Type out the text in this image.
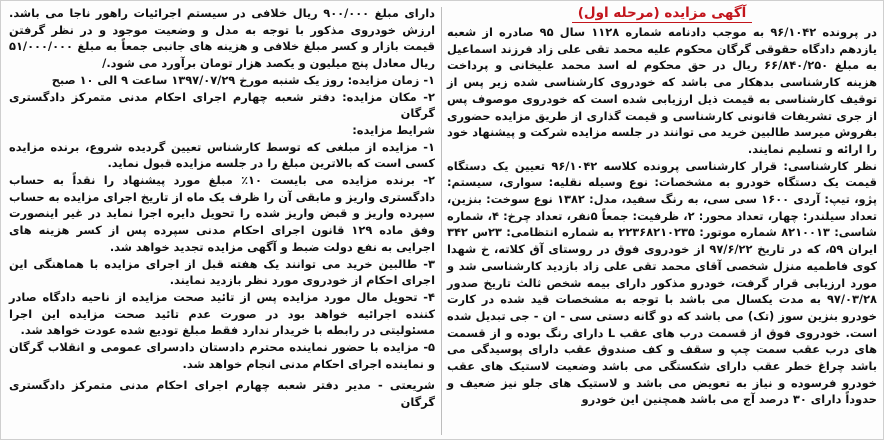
آگهی مزایده (مرحله اول)

در پرونده ۹۶/۱۰۴۲ به موجب دادنامه شماره ۱۱۲۸ سال ۹۵ صادره از شعبه یازدهم دادگاه حقوقی گرگان محکوم علیه محمد تقی علی زاد فرزند اسماعیل به مبلغ ۶۶/۸۴۰/۲۵۰ ریال در حق محکوم له اسد محمد علیخانی و پرداخت هزینه کارشناسی بدهکار می باشد که خودروی کارشناسی شده زیر پس از توقیف کارشناسی به قیمت ذیل ارزیابی شده است که خودروی موصوف پس از جری تشریفات قانونی کارشناسی و قیمت گذاری از طریق مزایده حضوری بفروش میرسد طالبین خرید می توانند در جلسه مزایده شرکت و پیشنهاد خود را ارائه و تسلیم نمایند.

نظر کارشناسی: قرار کارشناسی پرونده کلاسه ۹۶/۱۰۴۲ تعیین یک دستگاه قیمت یک دستگاه خودرو به مشخصات: نوع وسیله نقلیه: سواری، سیستم: پژو، تیپ: آردی ۱۶۰۰ سی سی، به رنگ سفید، مدل: ۱۳۸۲ نوع سوخت: بنزین، تعداد سیلندر: چهار، تعداد محور: ۲، ظرفیت: جمعاً ۵نفر، تعداد چرخ: ۴، شماره شاسی: ۸۲۱۰۰۱۳ شماره موتور: ۲۲۳۶۸۲۱۰۲۳۵ به شماره انتظامی: ۲۳س ۳۴۲ ایران ۵۹، که در تاریخ ۹۷/۶/۲۲ از خودروی فوق در روستای آق کلاته، خ شهدا کوی فاطمیه منزل شخصی آقای محمد تقی علی زاد بازدید کارشناسی شد و مورد ارزیابی قرار گرفت، خودرو مذکور دارای بیمه شخص ثالث تاریخ صدور ۹۷/۰۳/۲۸ به مدت یکسال می باشد با توجه به مشخصات قید شده در کارت خودرو بنزین سوز (تک) می باشد که دو گانه دستی سی - ان - جی تبدیل شده است. خودروی فوق از قسمت درب های عقب L دارای رنگ بوده و از قسمت های درب عقب سمت چپ و سقف و کف صندوق عقب دارای پوسیدگی می باشد چراغ خطر عقب دارای شکستگی می باشد وضعیت لاستیک های عقب خودرو فرسوده و نیاز به تعویض می باشد و لاستیک های جلو نیز ضعیف و حدوداً دارای ۳۰ درصد آج می باشد همچنین این خودرو

دارای مبلغ ۹۰۰/۰۰۰ ریال خلافی در سیستم اجرائیات راهور ناجا می باشد. ارزش خودروی مذکور با توجه به مدل و وضعیت موجود و در نظر گرفتن قیمت بازار و کسر مبلغ خلافی و هزینه های جانبی جمعاً به مبلغ ۵۱/۰۰۰/۰۰۰ ریال معادل پنج میلیون و یکصد هزار تومان برآورد می شود./

۱- زمان مزایده: روز یک شنبه مورخ ۱۳۹۷/۰۷/۲۹ ساعت ۹ الی ۱۰ صبح

۲- مکان مزایده: دفتر شعبه چهارم اجرای احکام مدنی متمرکز دادگستری گرگان

شرایط مزایده:

۱- مزایده از مبلغی که توسط کارشناس تعیین گردیده شروع، برنده مزایده کسی است که بالاترین مبلغ را در جلسه مزایده قبول نماید.

۲- برنده مزایده می بایست ۱۰٪ مبلغ مورد پیشنهاد را نقداً به حساب دادگستری واریز و مابقی آن را ظرف یک ماه از تاریخ اجرای مزایده به حساب سپرده واریز و قبض واریز شده را تحویل دایره اجرا نماید در غیر اینصورت وفق ماده ۱۲۹ قانون اجرای احکام مدنی سپرده پس از کسر هزینه های اجرایی به نفع دولت ضبط و آگهی مزایده تجدید خواهد شد.

۳- طالبین خرید می توانند یک هفته قبل از اجرای مزایده با هماهنگی این اجرای احکام از خودروی مورد نظر بازدید نمایند.

۴- تحویل مال مورد مزایده پس از تائید صحت مزایده از ناحیه دادگاه صادر کننده اجرائیه خواهد بود در صورت عدم تائید صحت مزایده این اجرا مسئولیتی در رابطه با خریدار ندارد فقط مبلغ تودیع شده عودت خواهد شد.

۵- مزایده با حضور نماینده محترم دادستان دادسرای عمومی و انقلاب گرگان و نماینده اجرای احکام مدنی انجام خواهد شد.

شریعتی - مدیر دفتر شعبه چهارم اجرای احکام مدنی متمرکز دادگستری گرگان
